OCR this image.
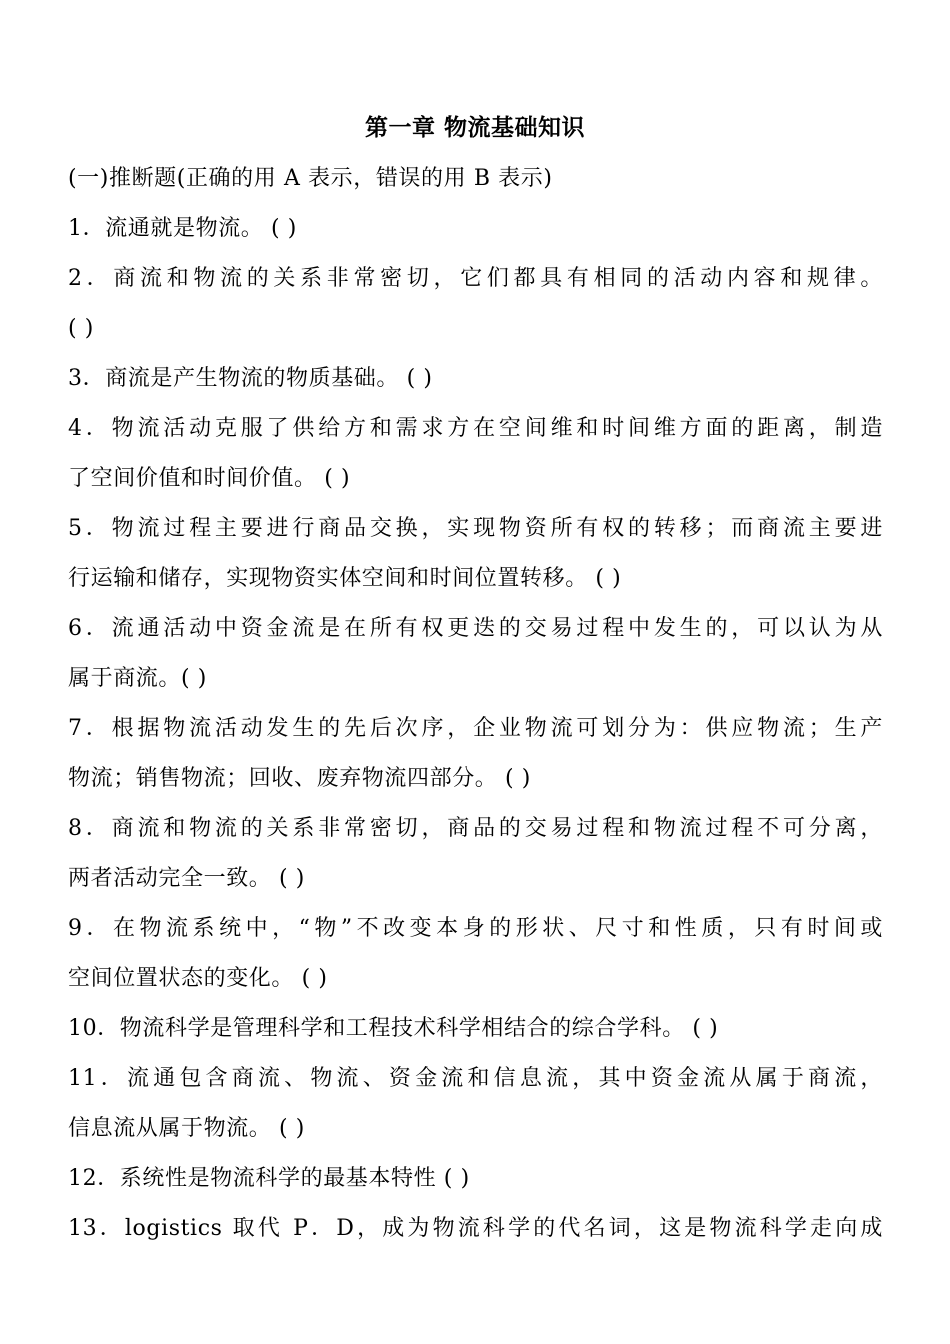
第一章 物流基础知识
(一)推断题(正确的用 A 表示，错误的用 B 表示)
1．流通就是物流。 ( )
2．商流和物流的关系非常密切，它们都具有相同的活动内容和规律。
( )
3．商流是产生物流的物质基础。 ( )
4．物流活动克服了供给方和需求方在空间维和时间维方面的距离，制造
了空间价值和时间价值。 ( )
5．物流过程主要进行商品交换，实现物资所有权的转移；而商流主要进
行运输和储存，实现物资实体空间和时间位置转移。 ( )
6．流通活动中资金流是在所有权更迭的交易过程中发生的，可以认为从
属于商流。( )
7．根据物流活动发生的先后次序，企业物流可划分为：供应物流；生产
物流；销售物流；回收、废弃物流四部分。 ( )
8．商流和物流的关系非常密切，商品的交易过程和物流过程不可分离，
两者活动完全一致。 ( )
9．在物流系统中，“物”不改变本身的形状、尺寸和性质，只有时间或
空间位置状态的变化。 ( )
10．物流科学是管理科学和工程技术科学相结合的综合学科。 ( )
11．流通包含商流、物流、资金流和信息流，其中资金流从属于商流，
信息流从属于物流。 ( )
12．系统性是物流科学的最基本特性 ( )
13．logistics 取代 P．D，成为物流科学的代名词，这是物流科学走向成
